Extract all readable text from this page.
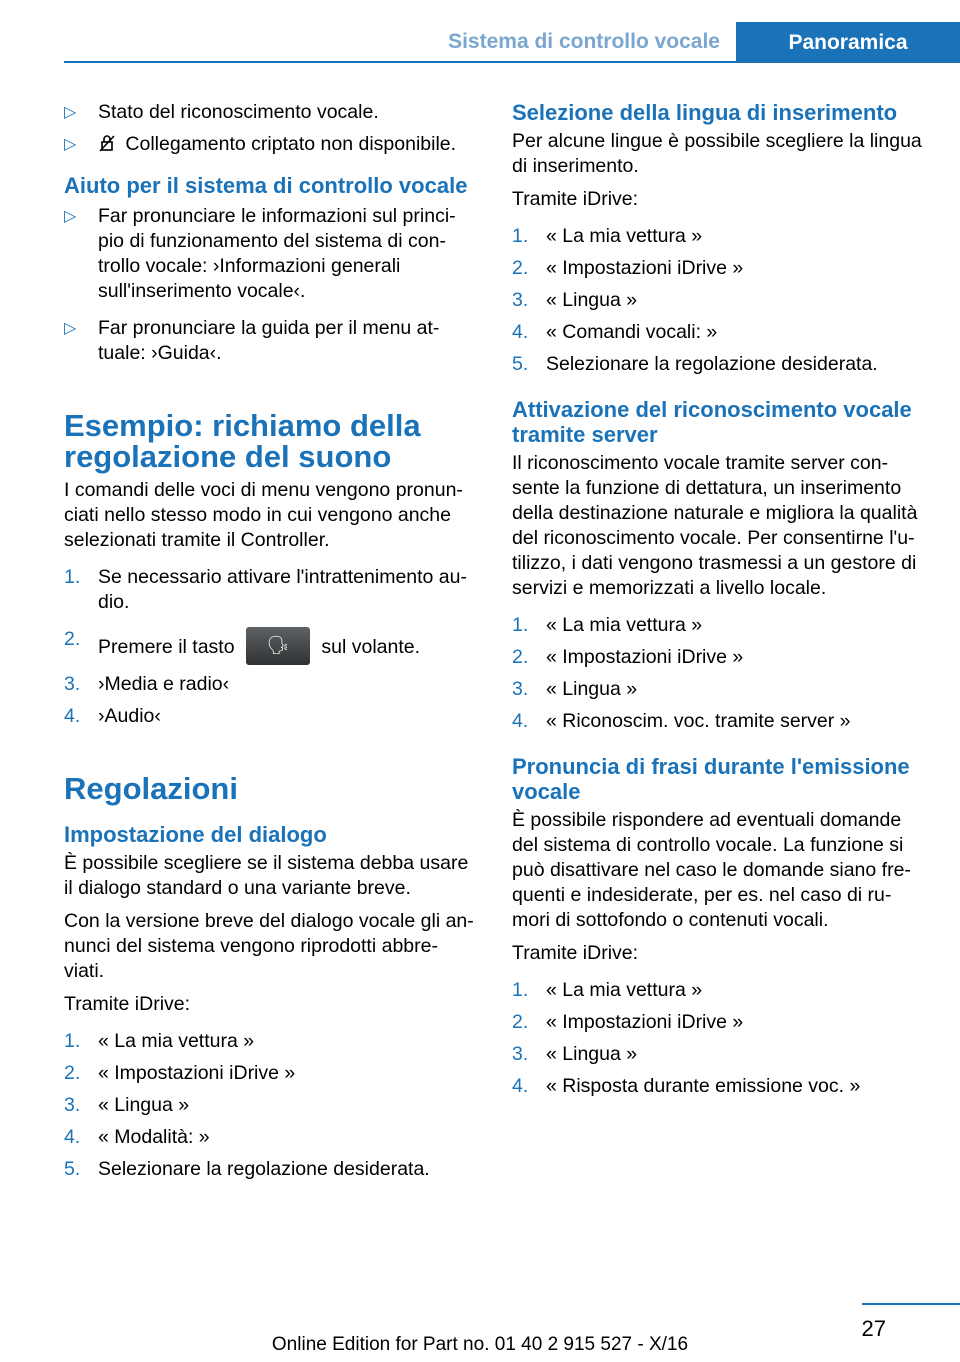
Sistema di controllo vocale	Panoramica
▷ Stato del riconoscimento vocale.
▷	Collegamento criptato non disponibile.
Aiuto per il sistema di controllo vocale
▷ Far pronunciare le informazioni sul princi‐pio di funzionamento del sistema di con‐trollo vocale: ›Informazioni generali sull'inserimento vocale‹.
▷ Far pronunciare la guida per il menu at‐tuale: ›Guida‹.
Esempio: richiamo della regolazione del suono
I comandi delle voci di menu vengono pronun‐ciati nello stesso modo in cui vengono anche selezionati tramite il Controller.
1. Se necessario attivare l'intrattenimento au‐dio.
2. Premere il tasto	🗣	sul volante.
3. ›Media e radio‹
4. ›Audio‹
Regolazioni
Impostazione del dialogo
È possibile scegliere se il sistema debba usare il dialogo standard o una variante breve.
Con la versione breve del dialogo vocale gli an‐nunci del sistema vengono riprodotti abbre‐viati.
Tramite iDrive:
1. « La mia vettura »
2. « Impostazioni iDrive »
3. « Lingua »
4. « Modalità: »
5. Selezionare la regolazione desiderata.
Selezione della lingua di inserimento
Per alcune lingue è possibile scegliere la lingua di inserimento.
Tramite iDrive:
1. « La mia vettura »
2. « Impostazioni iDrive »
3. « Lingua »
4. « Comandi vocali: »
5. Selezionare la regolazione desiderata.
Attivazione del riconoscimento vocale tramite server
Il riconoscimento vocale tramite server con‐sente la funzione di dettatura, un inserimento della destinazione naturale e migliora la qualità del riconoscimento vocale. Per consentirne l'u‐tilizzo, i dati vengono trasmessi a un gestore di servizi e memorizzati a livello locale.
1. « La mia vettura »
2. « Impostazioni iDrive »
3. « Lingua »
4. « Riconoscim. voc. tramite server »
Pronuncia di frasi durante l'emissione vocale
È possibile rispondere ad eventuali domande del sistema di controllo vocale. La funzione si può disattivare nel caso le domande siano fre‐quenti e indesiderate, per es. nel caso di ru‐mori di sottofondo o contenuti vocali.
Tramite iDrive:
1. « La mia vettura »
2. « Impostazioni iDrive »
3. « Lingua »
4. « Risposta durante emissione voc. »
27
Online Edition for Part no. 01 40 2 915 527 - X/16
